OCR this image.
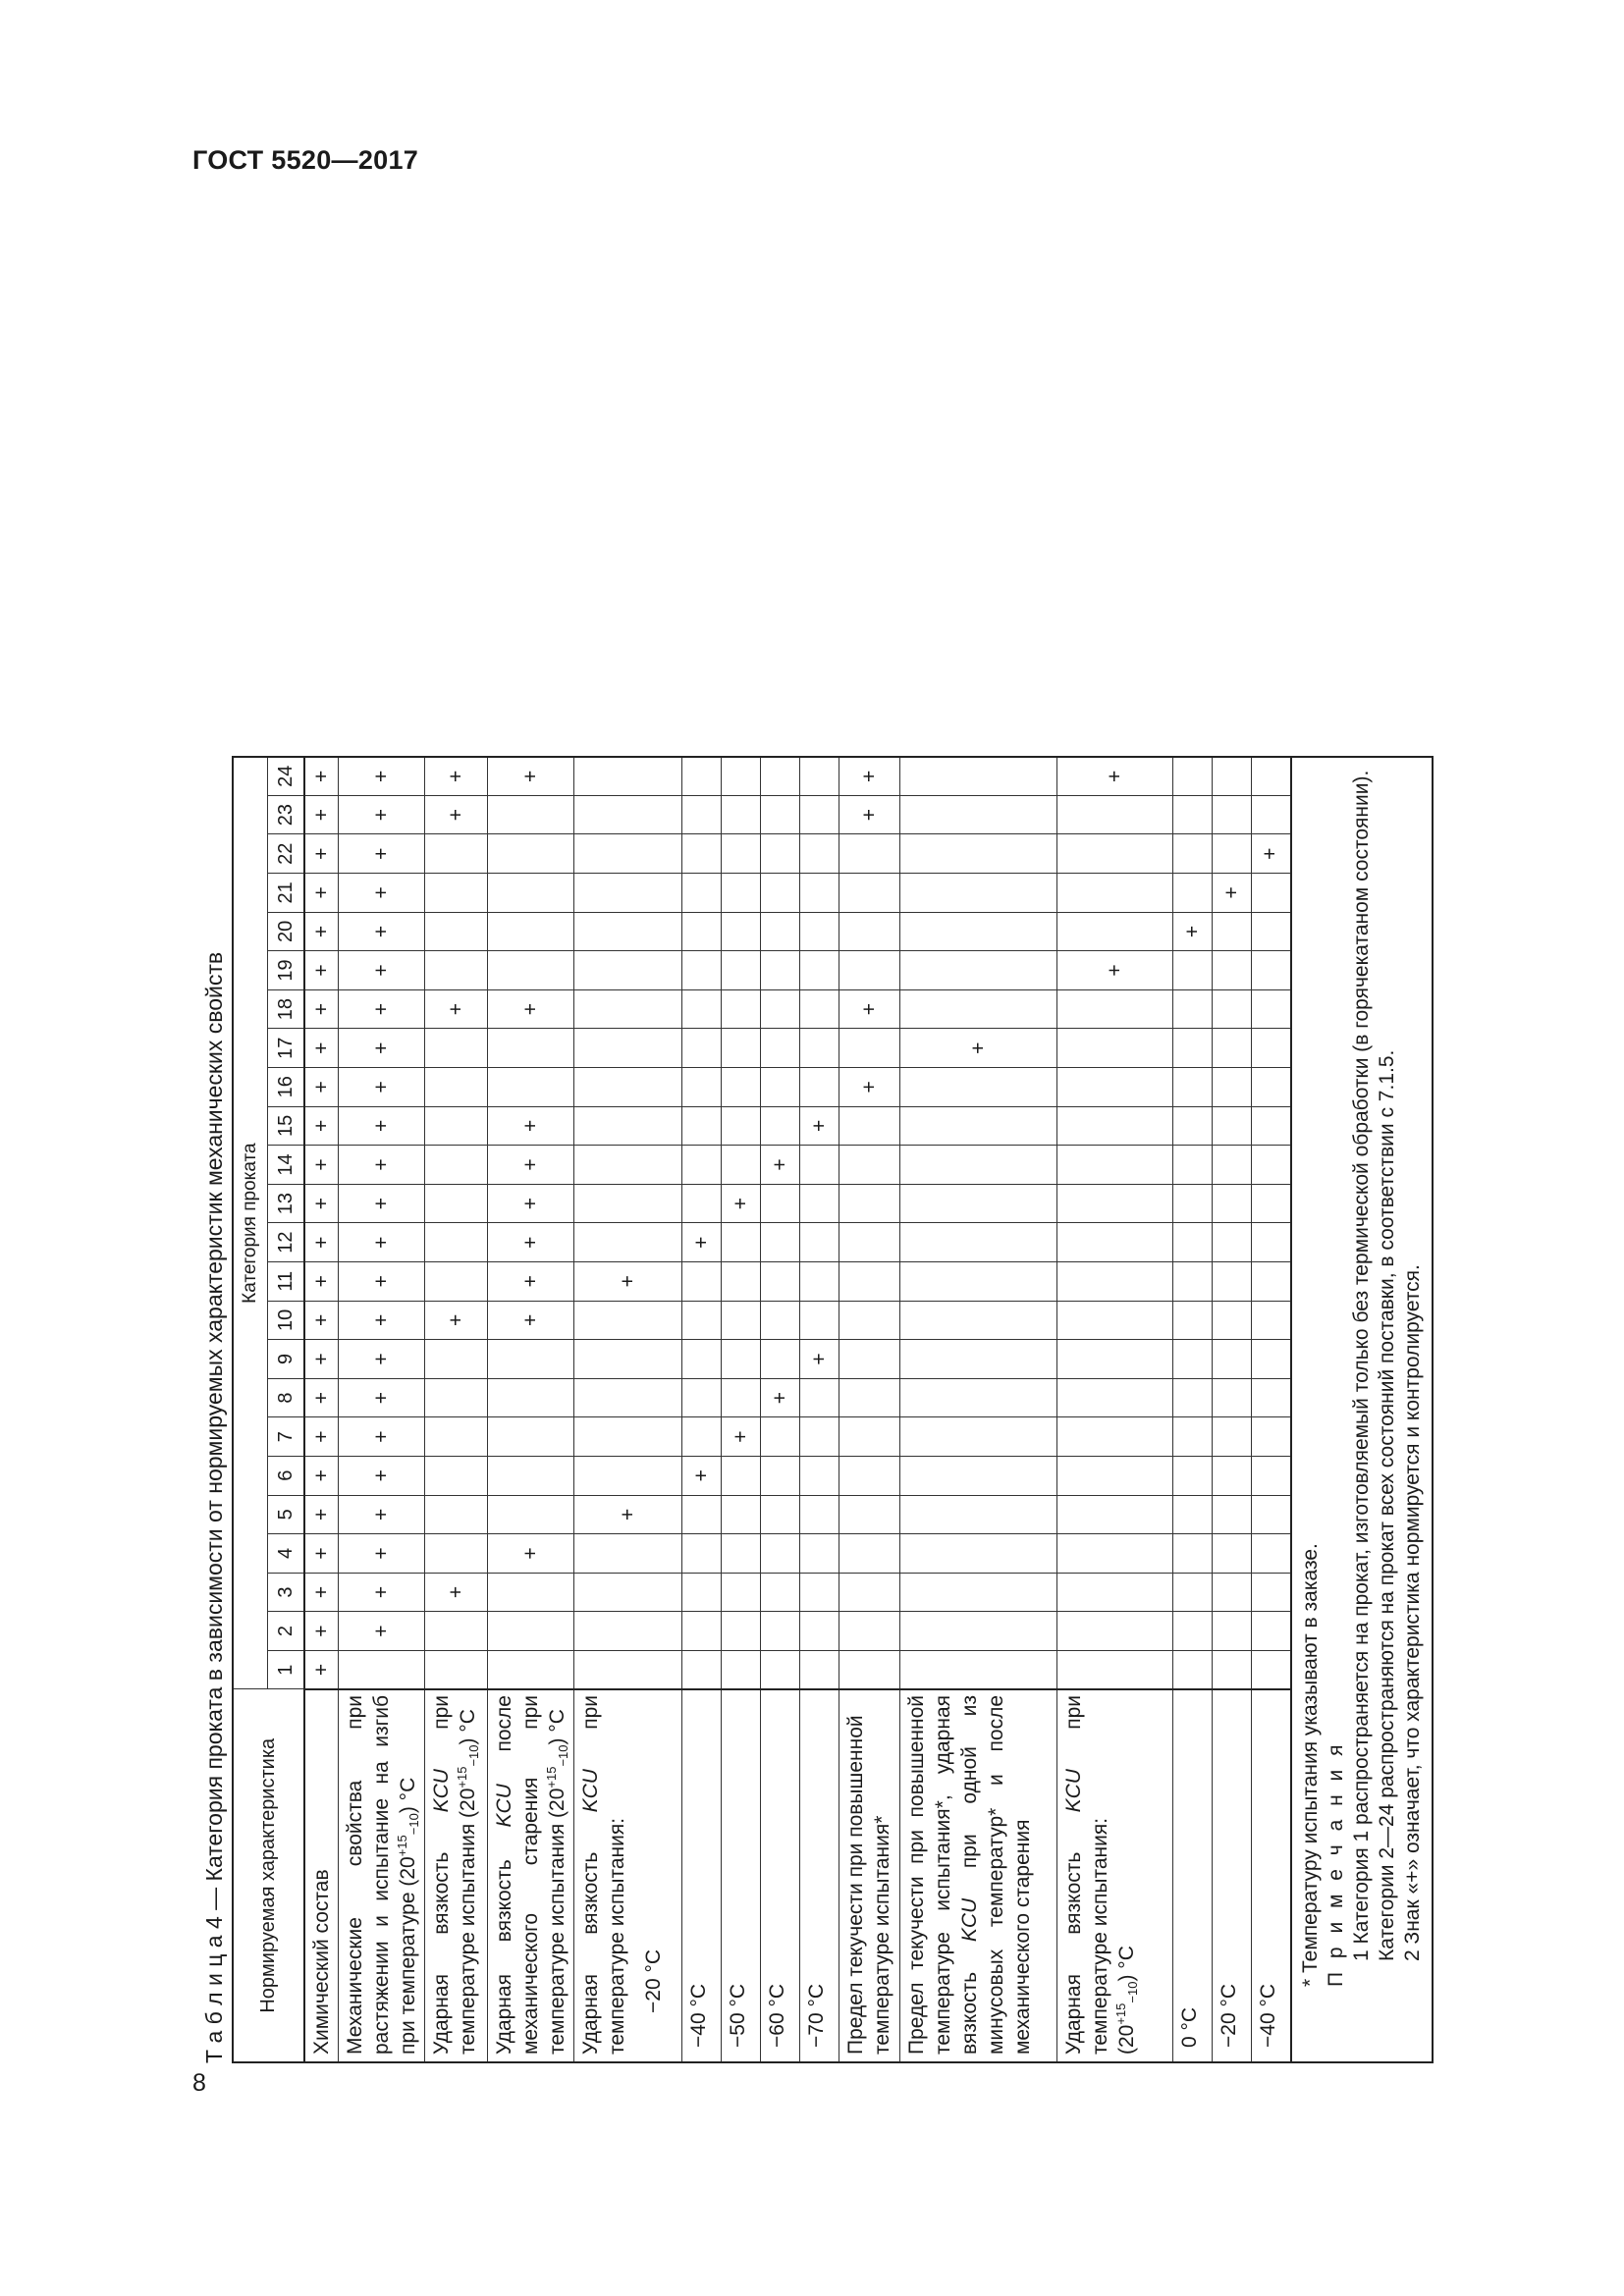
ГОСТ 5520—2017
8
Т а б л и ц а 4 — Категория проката в зависимости от нормируемых характеристик механических свойств Нормируемая характеристика	Категория проката																							
	1	2	3	4	5	6	7	8	9	10	11	12	13	14	15	16	17	18	19	20	21	22	23	24
Химический состав	+	+	+	+	+	+	+	+	+	+	+	+	+	+	+	+	+	+	+	+	+	+	+	+
Механические свойства при растяжении и испытание на изгиб при температуре $(20^{+15}_{-10})$ °С		+	+	+	+	+	+	+	+	+	+	+	+	+	+	+	+	+	+	+	+	+	+	+
Ударная вязкость KCU при температуре испытания $(20^{+15}_{-10})$ °С			+							+								+					+	+
Ударная вязкость KCU после механического старения при температуре испытания $(20^{+15}_{-10})$ °С				+						+	+	+	+	+	+			+						+
Ударная вязкость KCU при температуре испытания: −20 °С					+						+													
−40 °С						+						+												
−50 °С							+						+											
−60 °С								+						+										
−70 °С									+						+									
Предел текучести при повышенной температуре испытания*																+		+					+	+
Предел текучести при повышенной температуре испытания*, ударная вязкость KCU при одной из минусовых температур* и после механического старения																	+							
Ударная вязкость KCU при температуре испытания: $(20^{+15}_{-10})$ °С																			+					+
0 °С																				+				
−20 °С																					+			
−40 °С																						+		

* Температуру испытания указывают в заказе. П р и м е ч а н и я 1 Категория 1 распространяется на прокат, изготовляемый только без термической обработки (в горячекатаном состоянии). Категории 2—24 распространяются на прокат всех состояний поставки, в соответствии с 7.1.5. 2 Знак «+» означает, что характеристика нормируется и контролируется.																								
